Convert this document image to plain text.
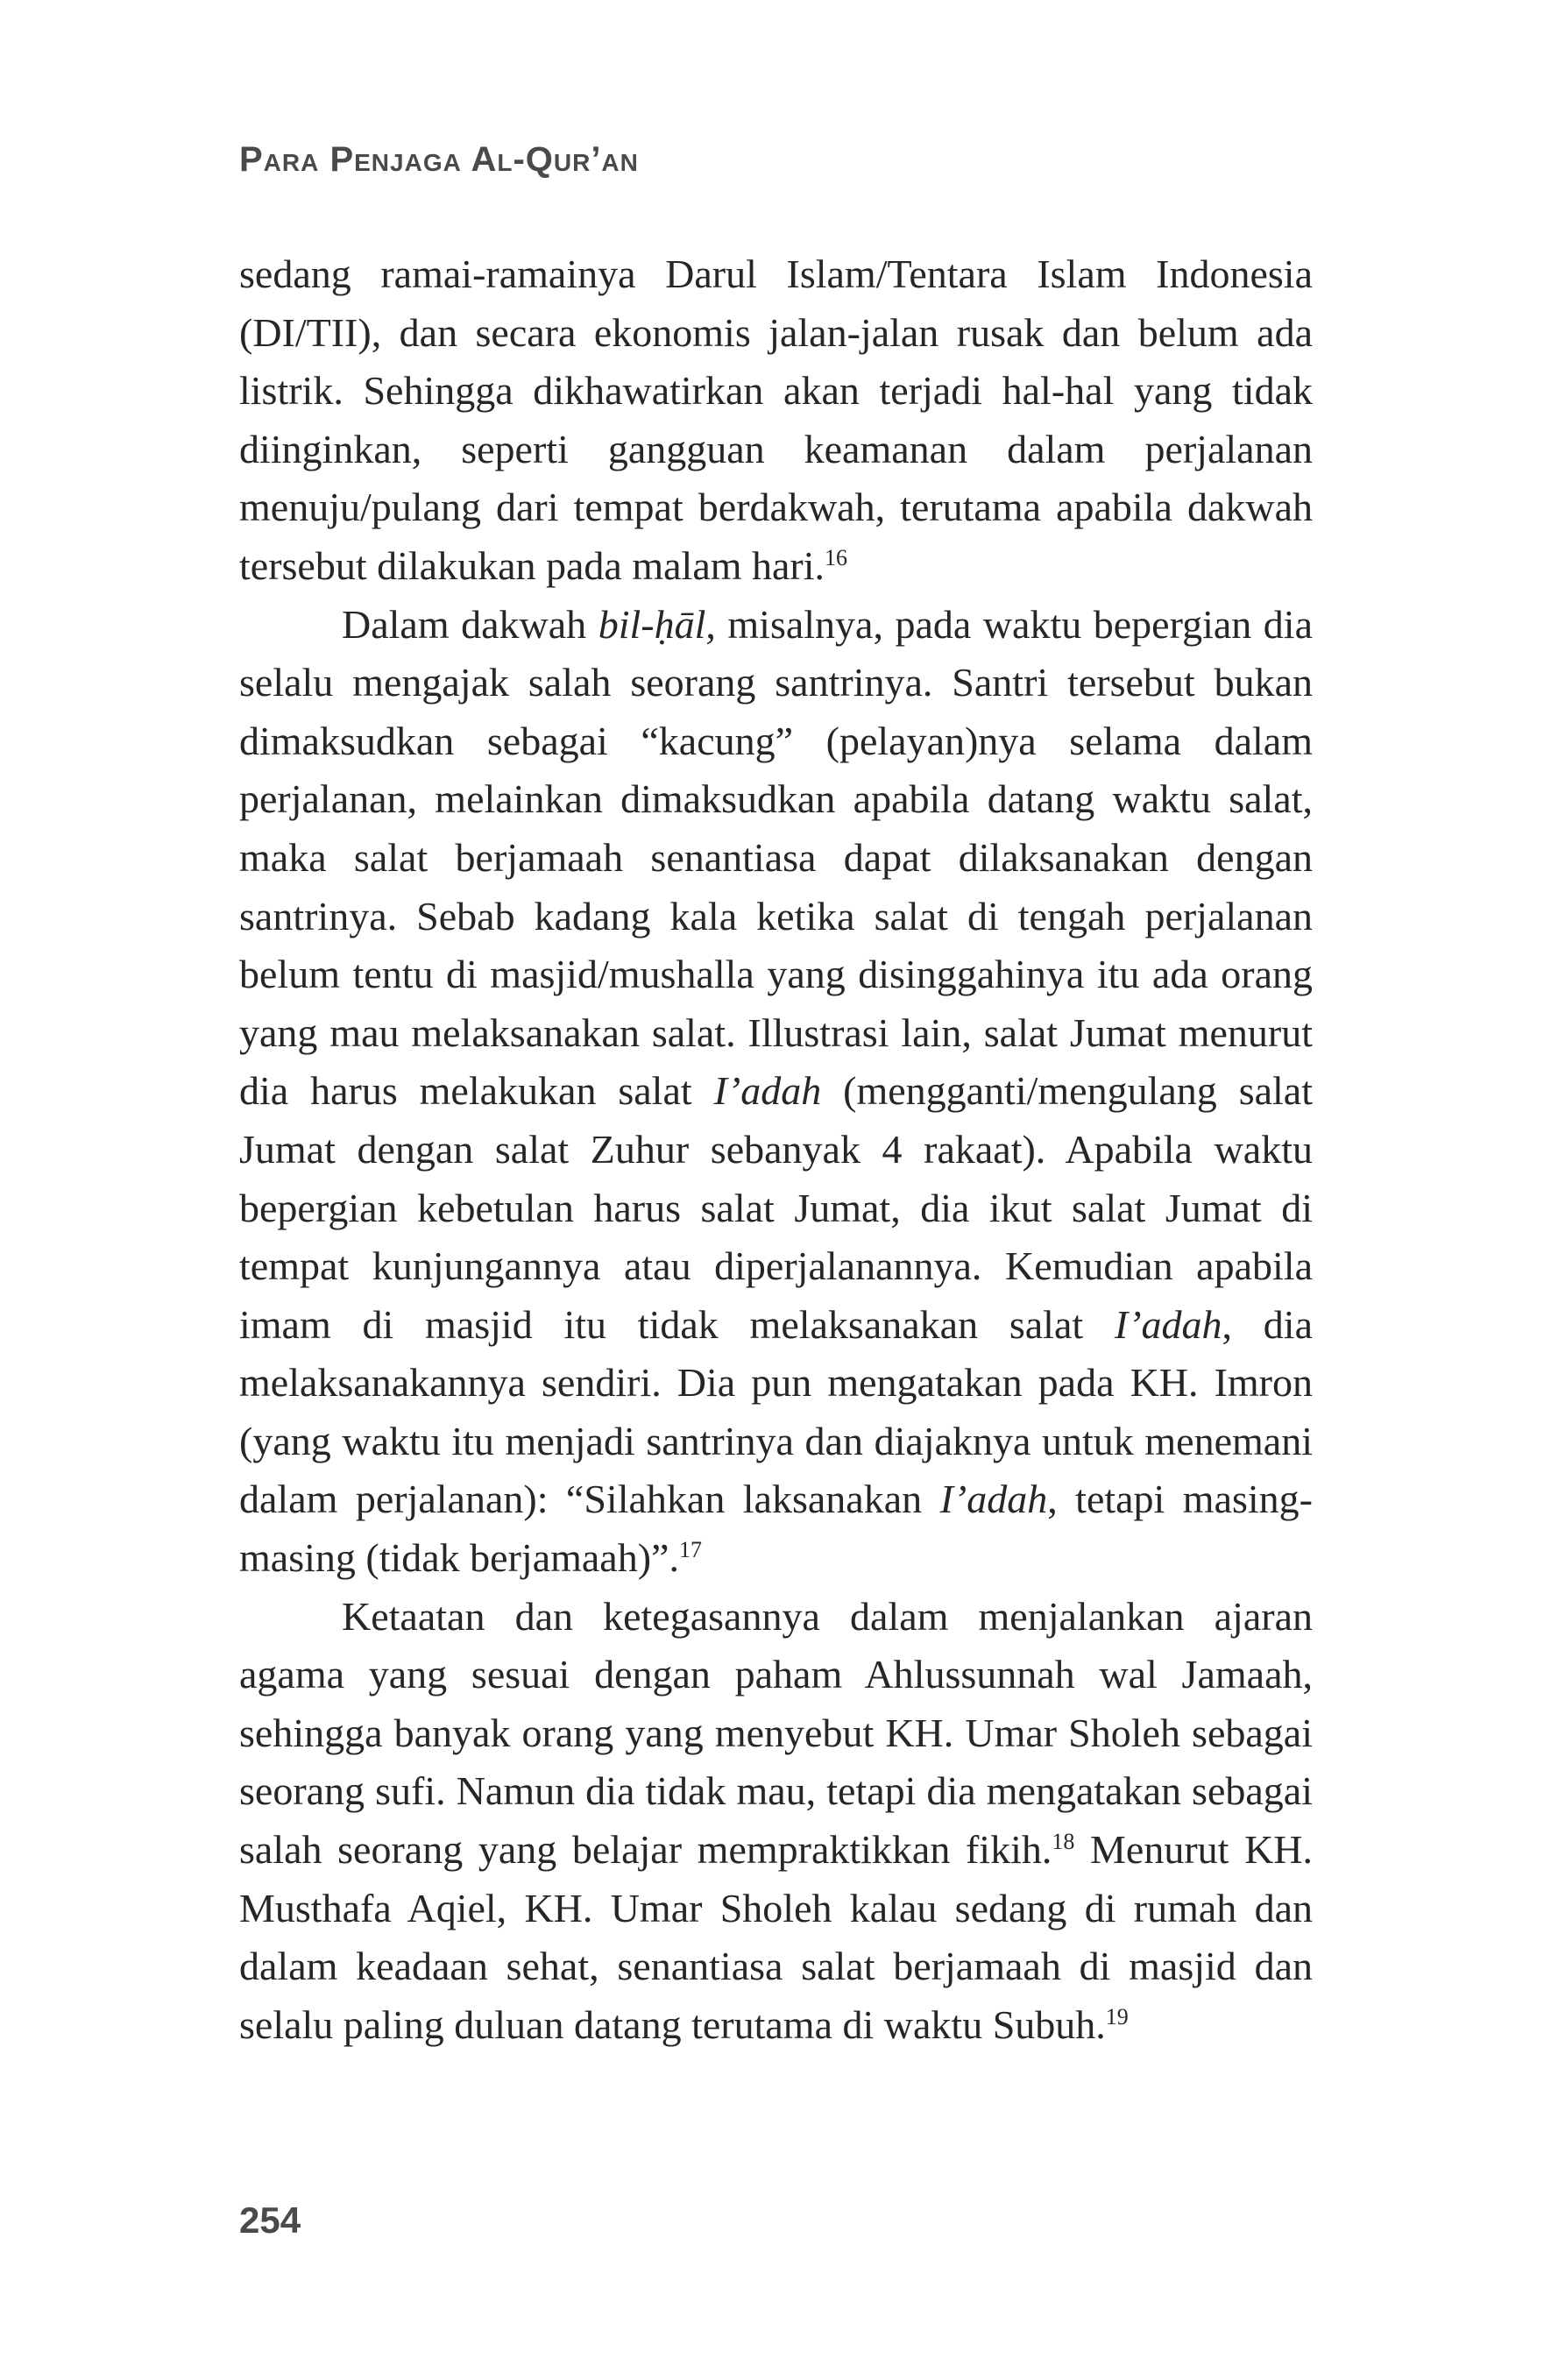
Para Penjaga Al-Qur’an

sedang ramai-ramainya Darul Islam/Tentara Islam Indonesia (DI/TII), dan secara ekonomis jalan-jalan rusak dan belum ada listrik. Sehingga dikhawatirkan akan terjadi hal-hal yang tidak diinginkan, seperti gangguan keamanan dalam perjalanan menuju/pulang dari tempat berdakwah, terutama apabila dakwah tersebut dilakukan pada malam hari.$^{16}$

Dalam dakwah bil-ḥāl, misalnya, pada waktu bepergian dia selalu mengajak salah seorang santrinya. Santri tersebut bukan dimaksudkan sebagai “kacung” (pelayan)nya selama dalam perjalanan, melainkan dimaksudkan apabila datang waktu salat, maka salat berjamaah senantiasa dapat dilaksanakan dengan santrinya. Sebab kadang kala ketika salat di tengah perjalanan belum tentu di masjid/mushalla yang disinggahinya itu ada orang yang mau melaksanakan salat. Illustrasi lain, salat Jumat menurut dia harus melakukan salat I’adah (mengganti/mengulang salat Jumat dengan salat Zuhur sebanyak 4 rakaat). Apabila waktu bepergian kebetulan harus salat Jumat, dia ikut salat Jumat di tempat kunjungannya atau diperjalanannya. Kemudian apabila imam di masjid itu tidak melaksanakan salat I’adah, dia melaksanakannya sendiri. Dia pun mengatakan pada KH. Imron (yang waktu itu menjadi santrinya dan diajaknya untuk menemani dalam perjalanan): “Silahkan laksanakan I’adah, tetapi masing-masing (tidak berjamaah)”.$^{17}$

Ketaatan dan ketegasannya dalam menjalankan ajaran agama yang sesuai dengan paham Ahlussunnah wal Jamaah, sehingga banyak orang yang menyebut KH. Umar Sholeh sebagai seorang sufi. Namun dia tidak mau, tetapi dia mengatakan sebagai salah seorang yang belajar mempraktikkan fikih.$^{18}$ Menurut KH. Musthafa Aqiel, KH. Umar Sholeh kalau sedang di rumah dan dalam keadaan sehat, senantiasa salat berjamaah di masjid dan selalu paling duluan datang terutama di waktu Subuh.$^{19}$

254
